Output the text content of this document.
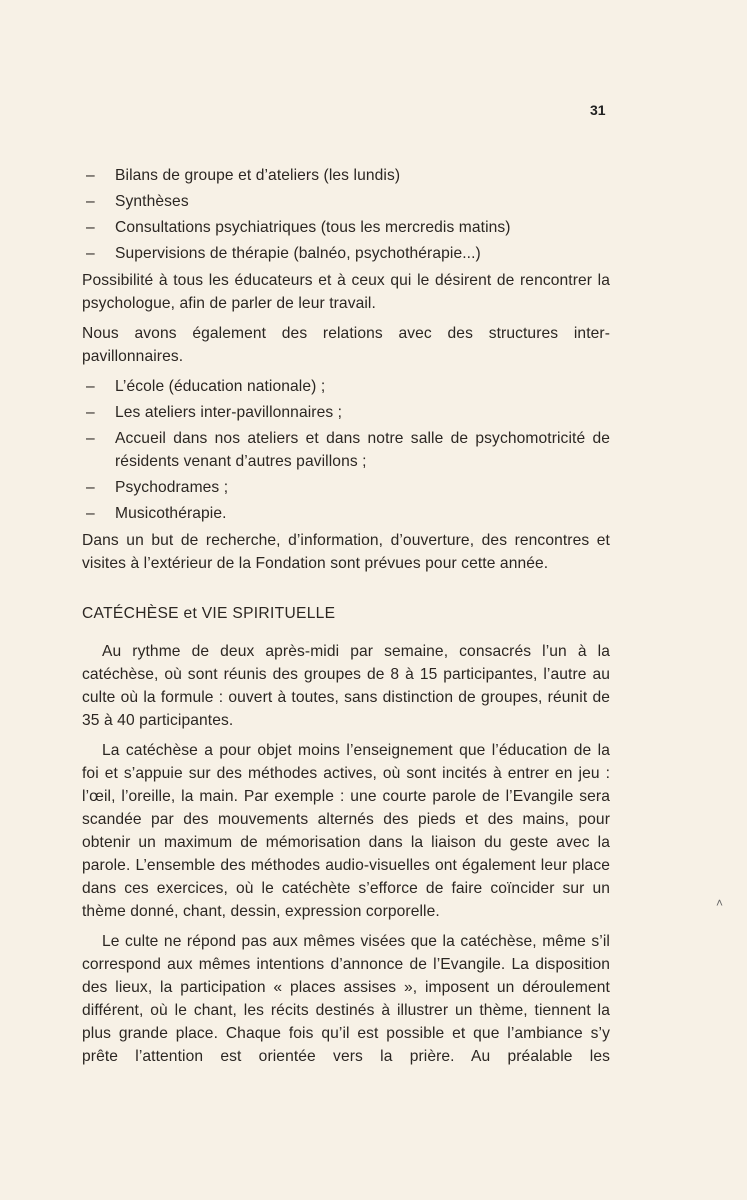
31
– Bilans de groupe et d’ateliers (les lundis)
– Synthèses
– Consultations psychiatriques (tous les mercredis matins)
– Supervisions de thérapie (balnéo, psychothérapie...)

Possibilité à tous les éducateurs et à ceux qui le désirent de rencontrer la psychologue, afin de parler de leur travail.

Nous avons également des relations avec des structures inter-pavillonnaires.

– L’école (éducation nationale) ;
– Les ateliers inter-pavillonnaires ;
– Accueil dans nos ateliers et dans notre salle de psychomotricité de résidents venant d’autres pavillons ;
– Psychodrames ;
– Musicothérapie.

Dans un but de recherche, d’information, d’ouverture, des rencontres et visites à l’extérieur de la Fondation sont prévues pour cette année.

CATÉCHÈSE et VIE SPIRITUELLE

Au rythme de deux après-midi par semaine, consacrés l’un à la catéchèse, où sont réunis des groupes de 8 à 15 participantes, l’autre au culte où la formule : ouvert à toutes, sans distinction de groupes, réunit de 35 à 40 participantes.

La catéchèse a pour objet moins l’enseignement que l’éducation de la foi et s’appuie sur des méthodes actives, où sont incités à entrer en jeu : l’œil, l’oreille, la main. Par exemple : une courte parole de l’Evangile sera scandée par des mouvements alternés des pieds et des mains, pour obtenir un maximum de mémorisation dans la liaison du geste avec la parole. L’ensemble des méthodes audio-visuelles ont également leur place dans ces exercices, où le catéchète s’efforce de faire coïncider sur un thème donné, chant, dessin, expression corporelle.

Le culte ne répond pas aux mêmes visées que la catéchèse, même s’il correspond aux mêmes intentions d’annonce de l’Evangile. La disposition des lieux, la participation « places assises », imposent un déroulement différent, où le chant, les récits destinés à illustrer un thème, tiennent la plus grande place. Chaque fois qu’il est possible et que l’ambiance s’y prête l’attention est orientée vers la prière. Au préalable les

˄
